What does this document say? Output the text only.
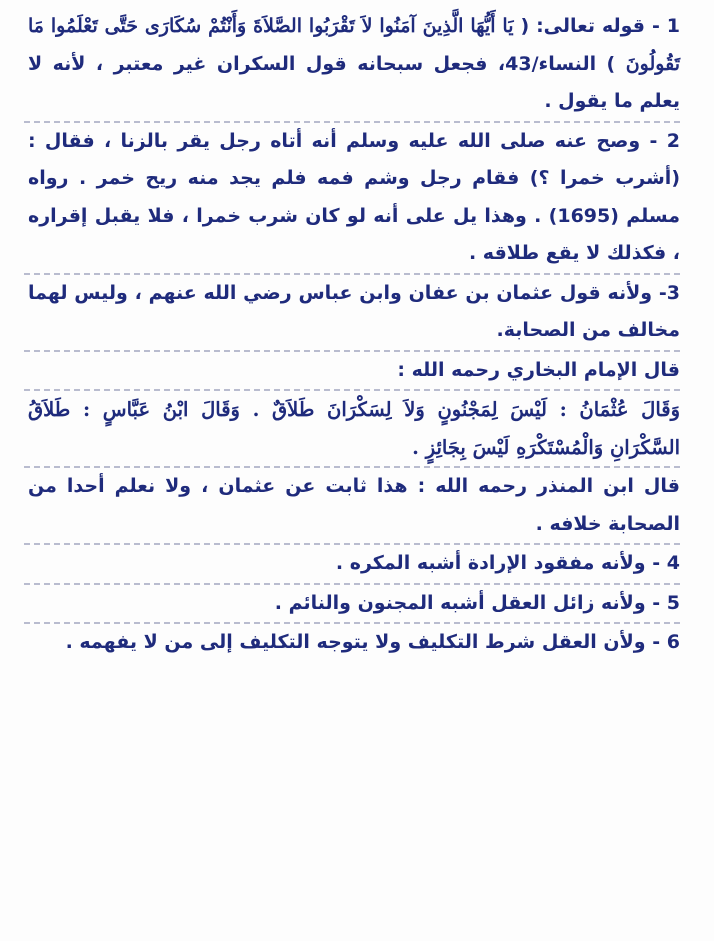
1 - قوله تعالى: ( يَا أَيُّهَا الَّذِينَ آمَنُوا لاَ تَقْرَبُوا الصَّلاَةَ وَأَنْتُمْ سُكَارَى حَتَّى تَعْلَمُوا مَا تَقُولُونَ ) النساء/43، فجعل سبحانه قول السكران غير معتبر ، لأنه لا يعلم ما يقول .

2 - وصح عنه صلى الله عليه وسلم أنه أتاه رجل يقر بالزنا ، فقال : (أشرب خمرا ؟) فقام رجل وشم فمه فلم يجد منه ريح خمر . رواه مسلم (1695) . وهذا يل على أنه لو كان شرب خمرا ، فلا يقبل إقراره ، فكذلك لا يقع طلاقه .

3- ولأنه قول عثمان بن عفان وابن عباس رضي الله عنهم ، وليس لهما مخالف من الصحابة.

قال الإمام البخاري رحمه الله :

وَقَالَ عُثْمَانُ : لَيْسَ لِمَجْنُونٍ وَلاَ لِسَكْرَانَ طَلاَقٌ . وَقَالَ ابْنُ عَبَّاسٍ : طَلاَقُ السَّكْرَانِ وَالْمُسْتَكْرَهِ لَيْسَ بِجَائِزٍ .

قال ابن المنذر رحمه الله : هذا ثابت عن عثمان ، ولا نعلم أحدا من الصحابة خلافه .

4 - ولأنه مفقود الإرادة أشبه المكره .

5 - ولأنه زائل العقل أشبه المجنون والنائم .

6 - ولأن العقل شرط التكليف ولا يتوجه التكليف إلى من لا يفهمه .
